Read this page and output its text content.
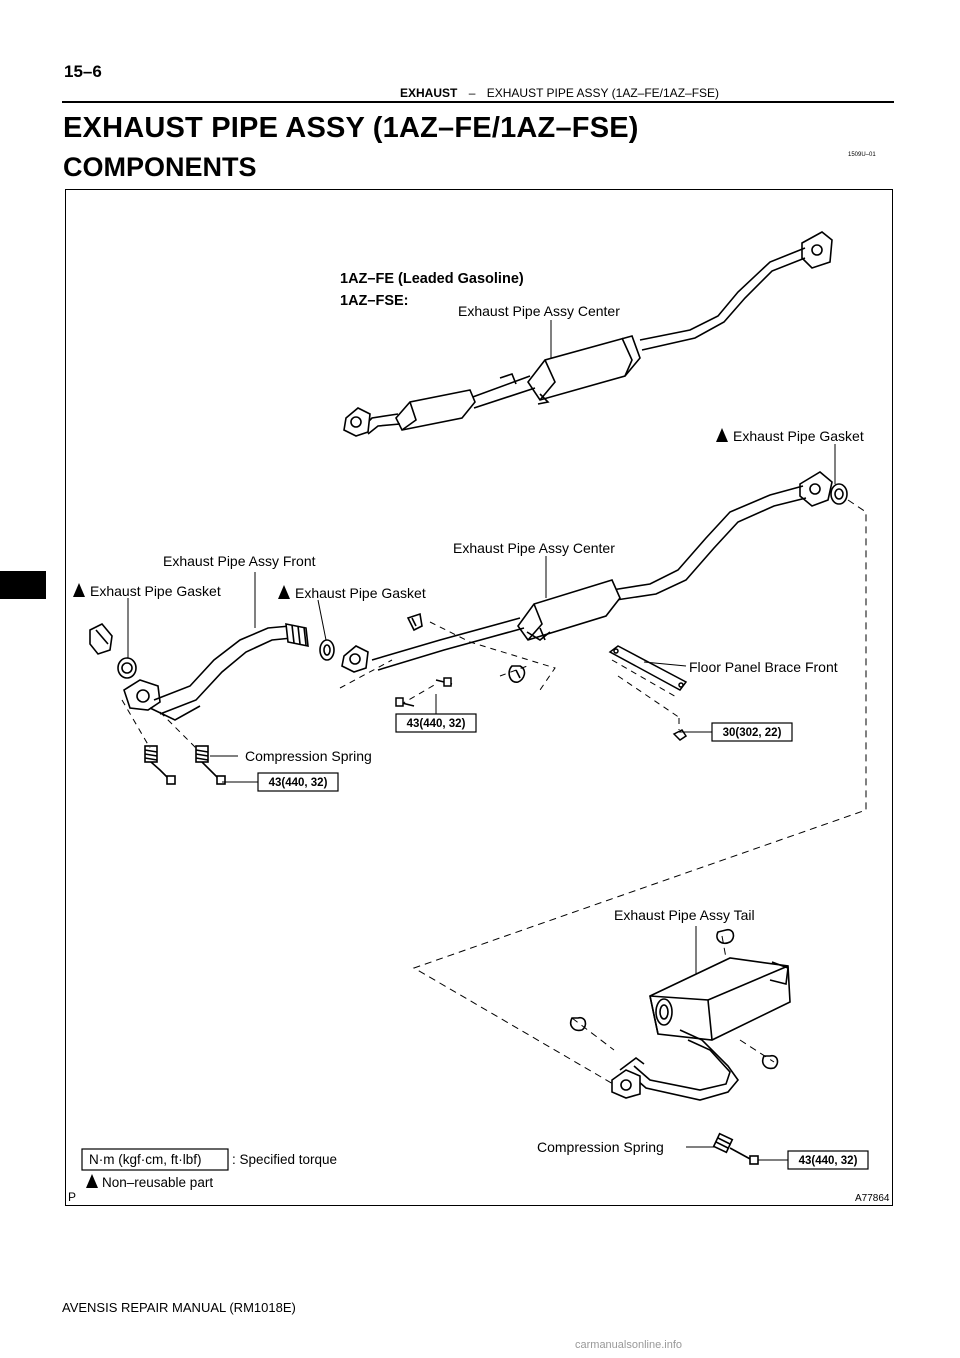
15–6
EXHAUST – EXHAUST PIPE ASSY (1AZ–FE/1AZ–FSE)
EXHAUST PIPE ASSY (1AZ–FE/1AZ–FSE)
COMPONENTS	1509U–01
1AZ–FE (Leaded Gasoline)
1AZ–FSE:
Exhaust Pipe Assy Center
Exhaust Pipe Gasket
Exhaust Pipe Assy Center
Exhaust Pipe Assy Front
Exhaust Pipe Gasket	Exhaust Pipe Gasket
Floor Panel Brace Front
Compression Spring
Exhaust Pipe Assy Tail
Compression Spring
43(440, 32)
30(302, 22)
43(440, 32)
43(440, 32)
N·m (kgf·cm, ft·lbf) : Specified torque
Non–reusable part
P	A77864
AVENSIS REPAIR MANUAL (RM1018E)
carmanualsonline.info
